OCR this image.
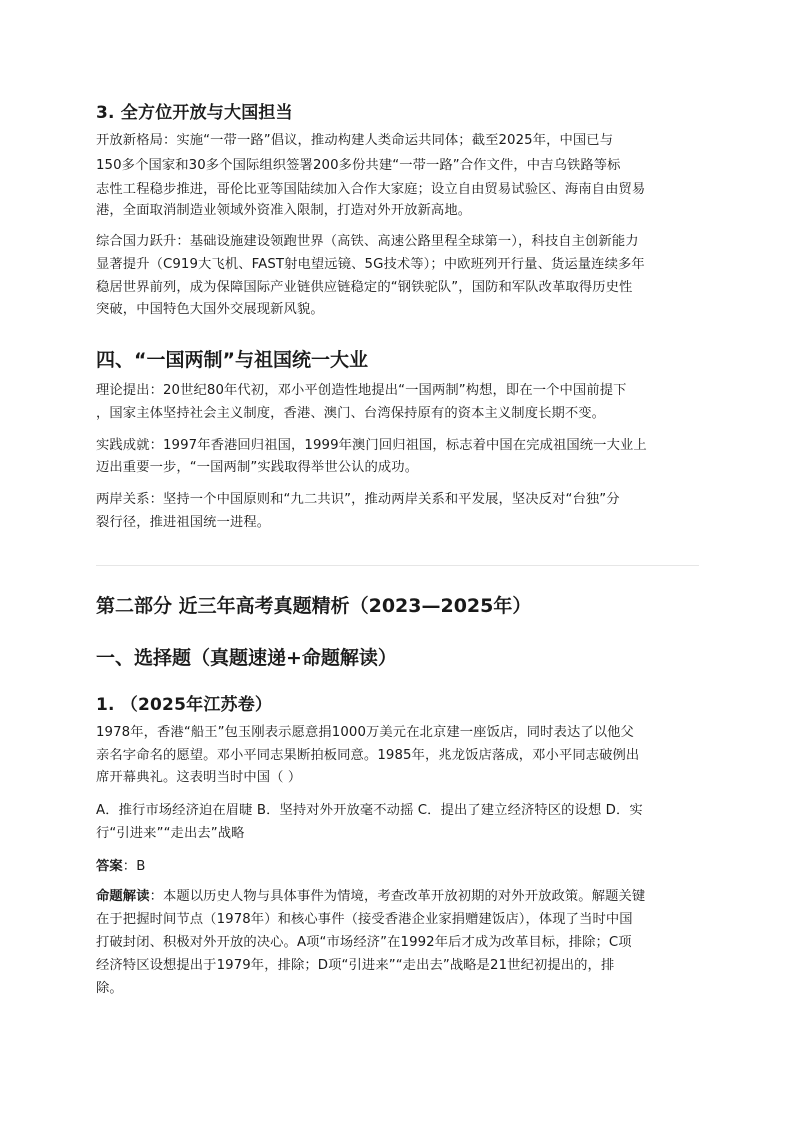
3. 全方位开放与大国担当
开放新格局：实施“一带一路”倡议，推动构建人类命运共同体；截至2025年，中国已与
150多个国家和30多个国际组织签署200多份共建“一带一路”合作文件，中吉乌铁路等标
志性工程稳步推进，哥伦比亚等国陆续加入合作大家庭；设立自由贸易试验区、海南自由贸易
港，全面取消制造业领域外资准入限制，打造对外开放新高地。
综合国力跃升：基础设施建设领跑世界（高铁、高速公路里程全球第一），科技自主创新能力
显著提升（C919大飞机、FAST射电望远镜、5G技术等）；中欧班列开行量、货运量连续多年
稳居世界前列，成为保障国际产业链供应链稳定的“钢铁驼队”，国防和军队改革取得历史性
突破，中国特色大国外交展现新风貌。
四、“一国两制”与祖国统一大业
理论提出：20世纪80年代初，邓小平创造性地提出“一国两制”构想，即在一个中国前提下
，国家主体坚持社会主义制度，香港、澳门、台湾保持原有的资本主义制度长期不变。
实践成就：1997年香港回归祖国，1999年澳门回归祖国，标志着中国在完成祖国统一大业上
迈出重要一步，“一国两制”实践取得举世公认的成功。
两岸关系：坚持一个中国原则和“九二共识”，推动两岸关系和平发展，坚决反对“台独”分
裂行径，推进祖国统一进程。
第二部分 近三年高考真题精析（2023—2025年）
一、选择题（真题速递+命题解读）
1. （2025年江苏卷）
1978年，香港“船王”包玉刚表示愿意捐1000万美元在北京建一座饭店，同时表达了以他父
亲名字命名的愿望。邓小平同志果断拍板同意。1985年，兆龙饭店落成，邓小平同志破例出
席开幕典礼。这表明当时中国（ ）
A．推行市场经济迫在眉睫 B．坚持对外开放毫不动摇 C．提出了建立经济特区的设想 D．实
行“引进来”“走出去”战略
答案：B
命题解读：本题以历史人物与具体事件为情境，考查改革开放初期的对外开放政策。解题关键
在于把握时间节点（1978年）和核心事件（接受香港企业家捐赠建饭店），体现了当时中国
打破封闭、积极对外开放的决心。A项“市场经济”在1992年后才成为改革目标，排除；C项
经济特区设想提出于1979年，排除；D项“引进来”“走出去”战略是21世纪初提出的，排
除。
